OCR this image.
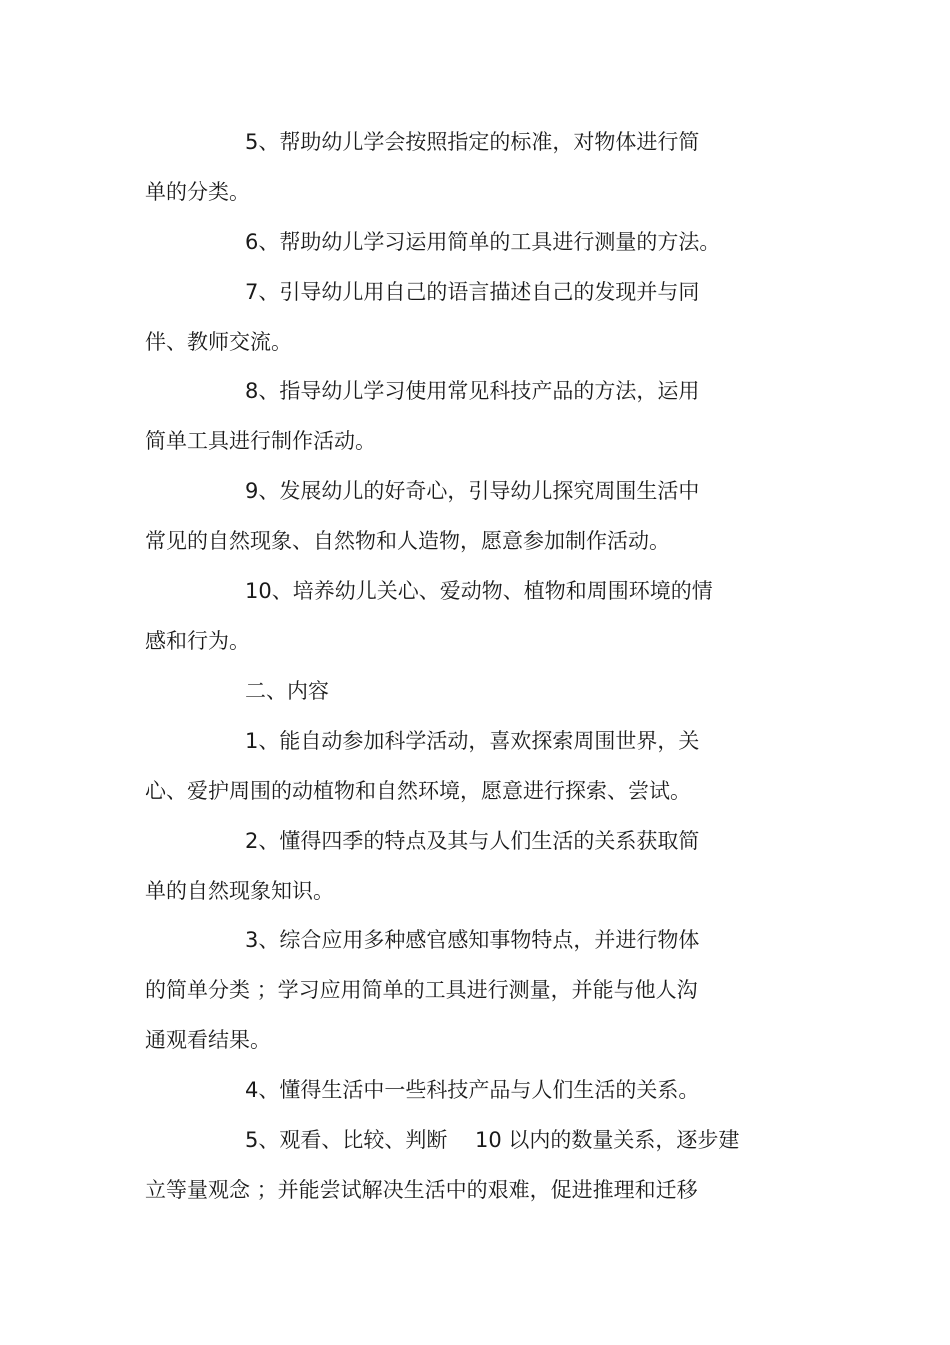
5、帮助幼儿学会按照指定的标准，对物体进行简
单的分类。
6、帮助幼儿学习运用简单的工具进行测量的方法。
7、引导幼儿用自己的语言描述自己的发现并与同
伴、教师交流。
8、指导幼儿学习使用常见科技产品的方法，运用
简单工具进行制作活动。
9、发展幼儿的好奇心，引导幼儿探究周围生活中
常见的自然现象、自然物和人造物，愿意参加制作活动。
10、培养幼儿关心、爱动物、植物和周围环境的情
感和行为。
二、内容
1、能自动参加科学活动，喜欢探索周围世界，关
心、爱护周围的动植物和自然环境，愿意进行探索、尝试。
2、懂得四季的特点及其与人们生活的关系获取简
单的自然现象知识。
3、综合应用多种感官感知事物特点，并进行物体
的简单分类 ；学习应用简单的工具进行测量，并能与他人沟
通观看结果。
4、懂得生活中一些科技产品与人们生活的关系。
5、观看、比较、判断　 10 以内的数量关系，逐步建
立等量观念 ；并能尝试解决生活中的艰难，促进推理和迁移
